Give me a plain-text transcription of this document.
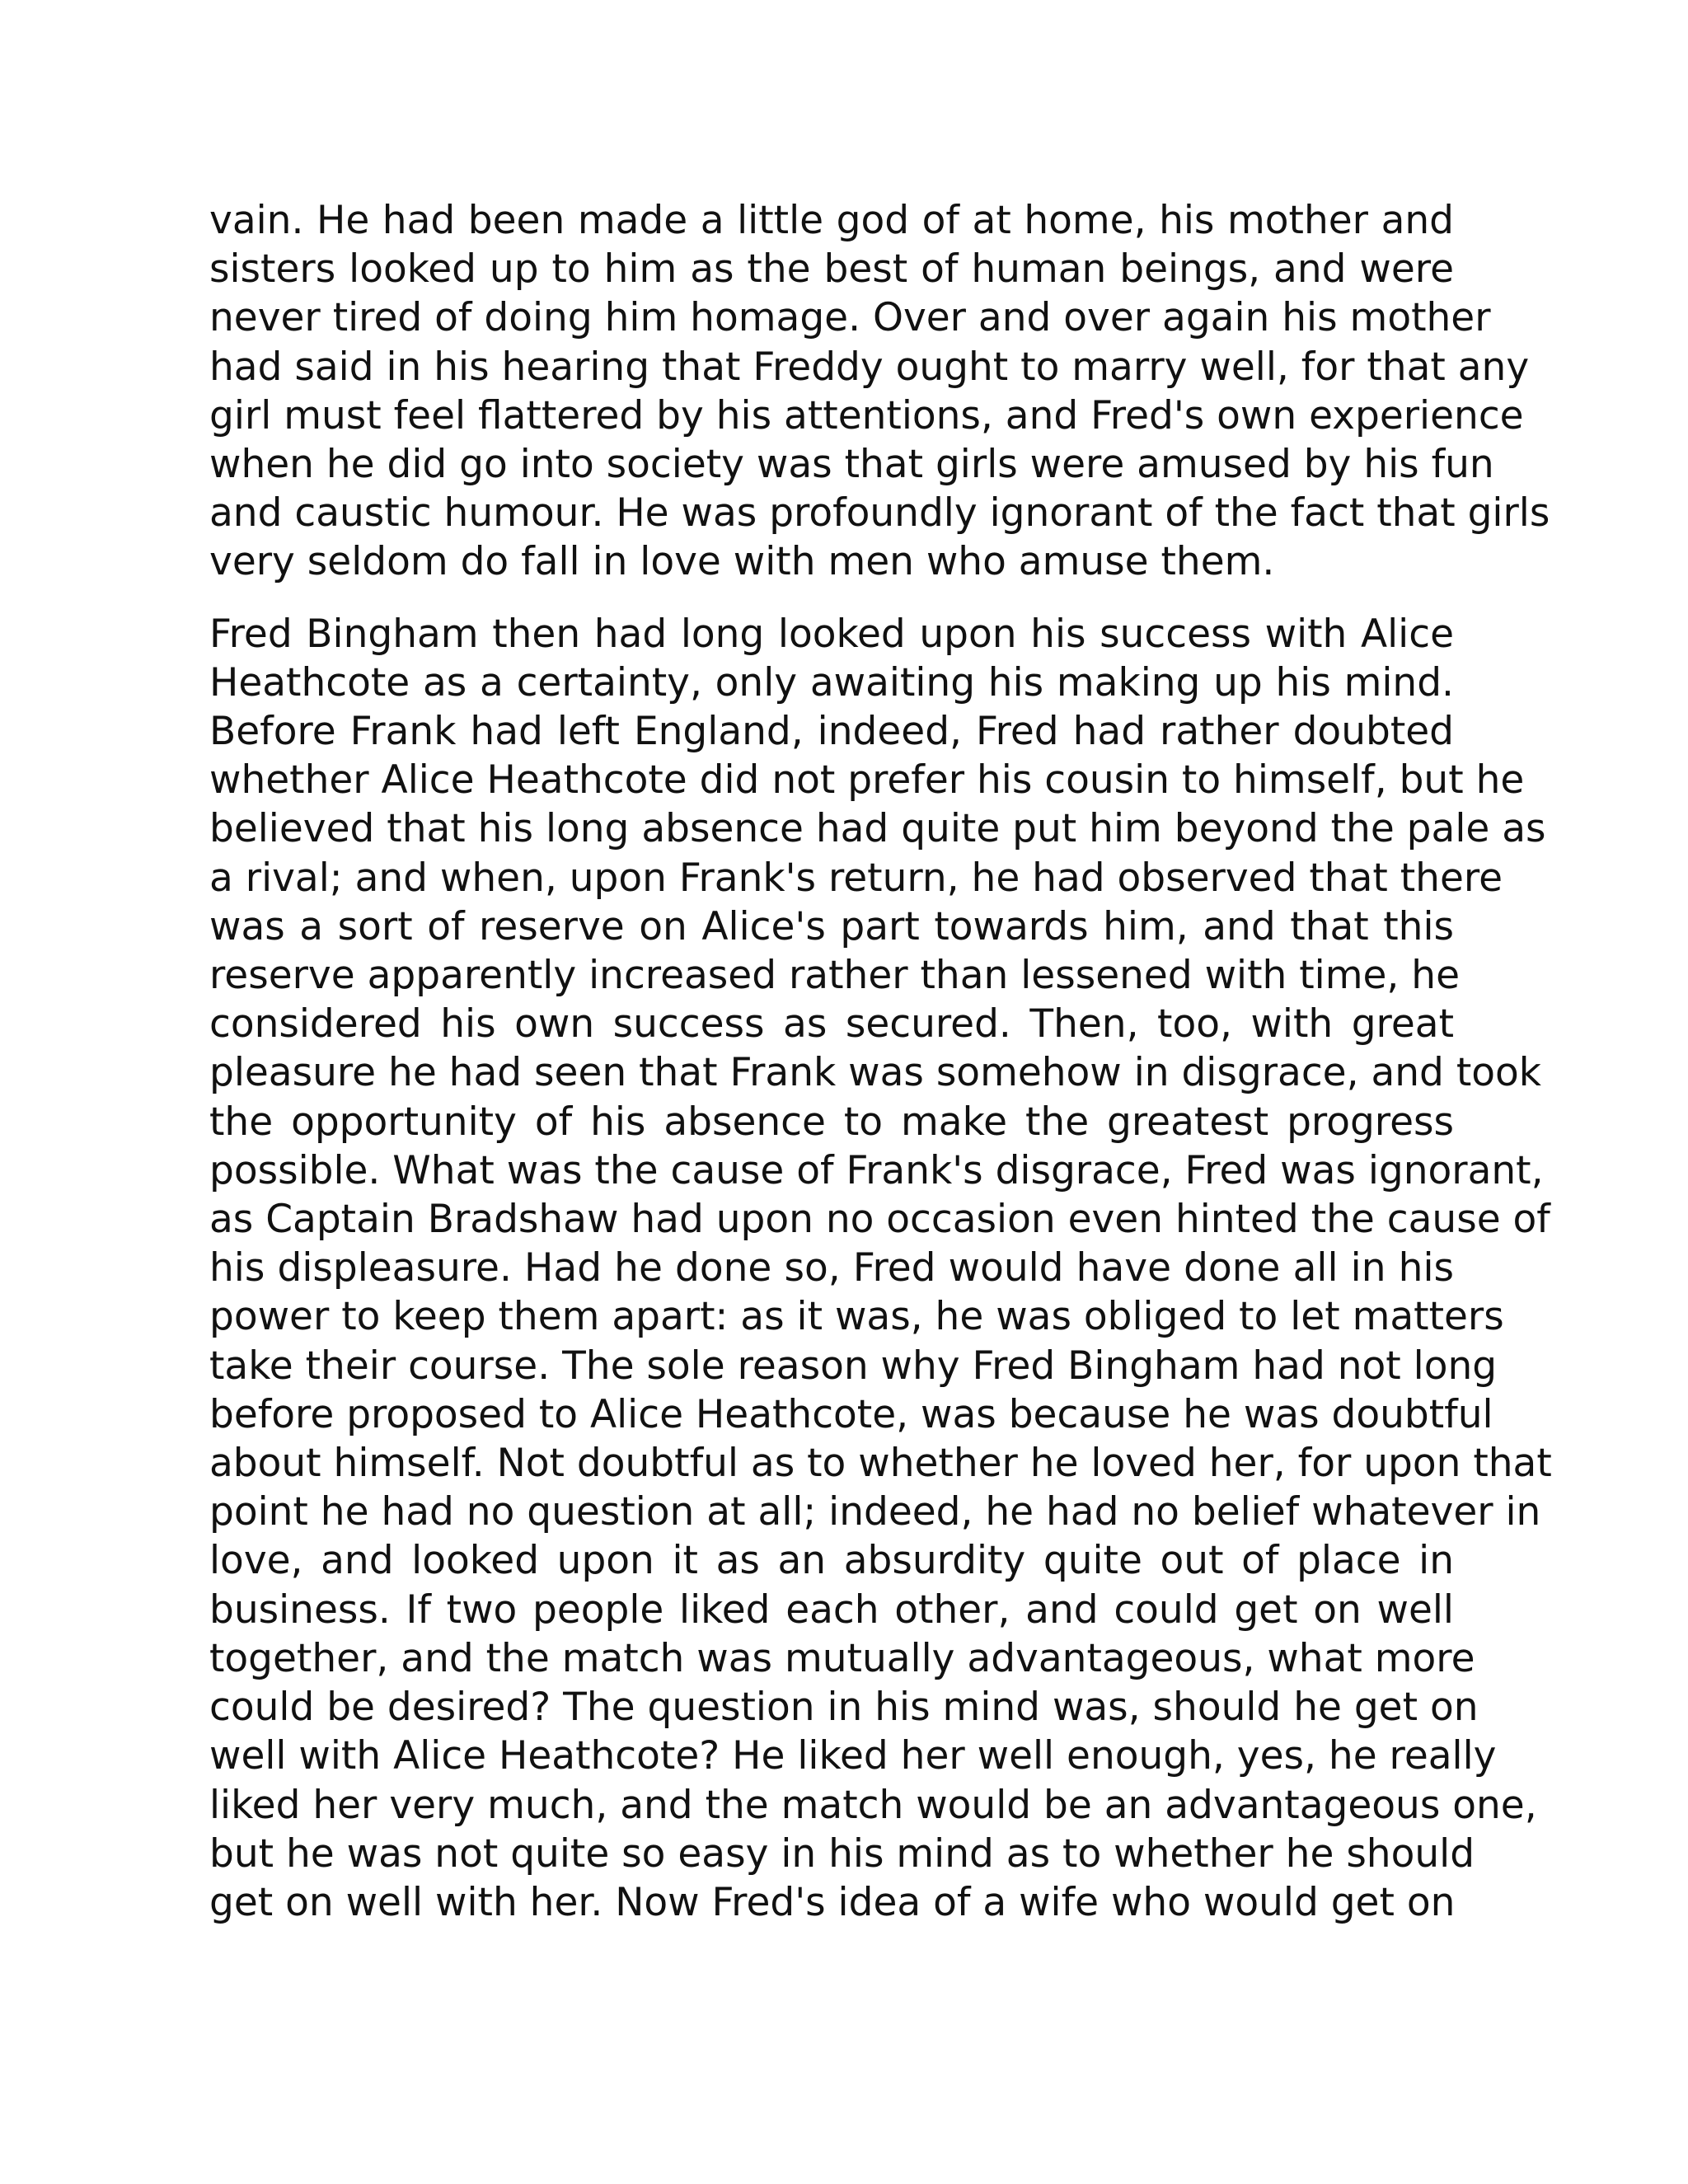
vain. He had been made a little god of at home, his mother and
sisters looked up to him as the best of human beings, and were
never tired of doing him homage. Over and over again his mother
had said in his hearing that Freddy ought to marry well, for that any
girl must feel flattered by his attentions, and Fred's own experience
when he did go into society was that girls were amused by his fun
and caustic humour. He was profoundly ignorant of the fact that girls
very seldom do fall in love with men who amuse them.
Fred Bingham then had long looked upon his success with Alice
Heathcote as a certainty, only awaiting his making up his mind.
Before Frank had left England, indeed, Fred had rather doubted
whether Alice Heathcote did not prefer his cousin to himself, but he
believed that his long absence had quite put him beyond the pale as
a rival; and when, upon Frank's return, he had observed that there
was a sort of reserve on Alice's part towards him, and that this
reserve apparently increased rather than lessened with time, he
considered his own success as secured. Then, too, with great
pleasure he had seen that Frank was somehow in disgrace, and took
the opportunity of his absence to make the greatest progress
possible. What was the cause of Frank's disgrace, Fred was ignorant,
as Captain Bradshaw had upon no occasion even hinted the cause of
his displeasure. Had he done so, Fred would have done all in his
power to keep them apart: as it was, he was obliged to let matters
take their course. The sole reason why Fred Bingham had not long
before proposed to Alice Heathcote, was because he was doubtful
about himself. Not doubtful as to whether he loved her, for upon that
point he had no question at all; indeed, he had no belief whatever in
love, and looked upon it as an absurdity quite out of place in
business. If two people liked each other, and could get on well
together, and the match was mutually advantageous, what more
could be desired? The question in his mind was, should he get on
well with Alice Heathcote? He liked her well enough, yes, he really
liked her very much, and the match would be an advantageous one,
but he was not quite so easy in his mind as to whether he should
get on well with her. Now Fred's idea of a wife who would get on
